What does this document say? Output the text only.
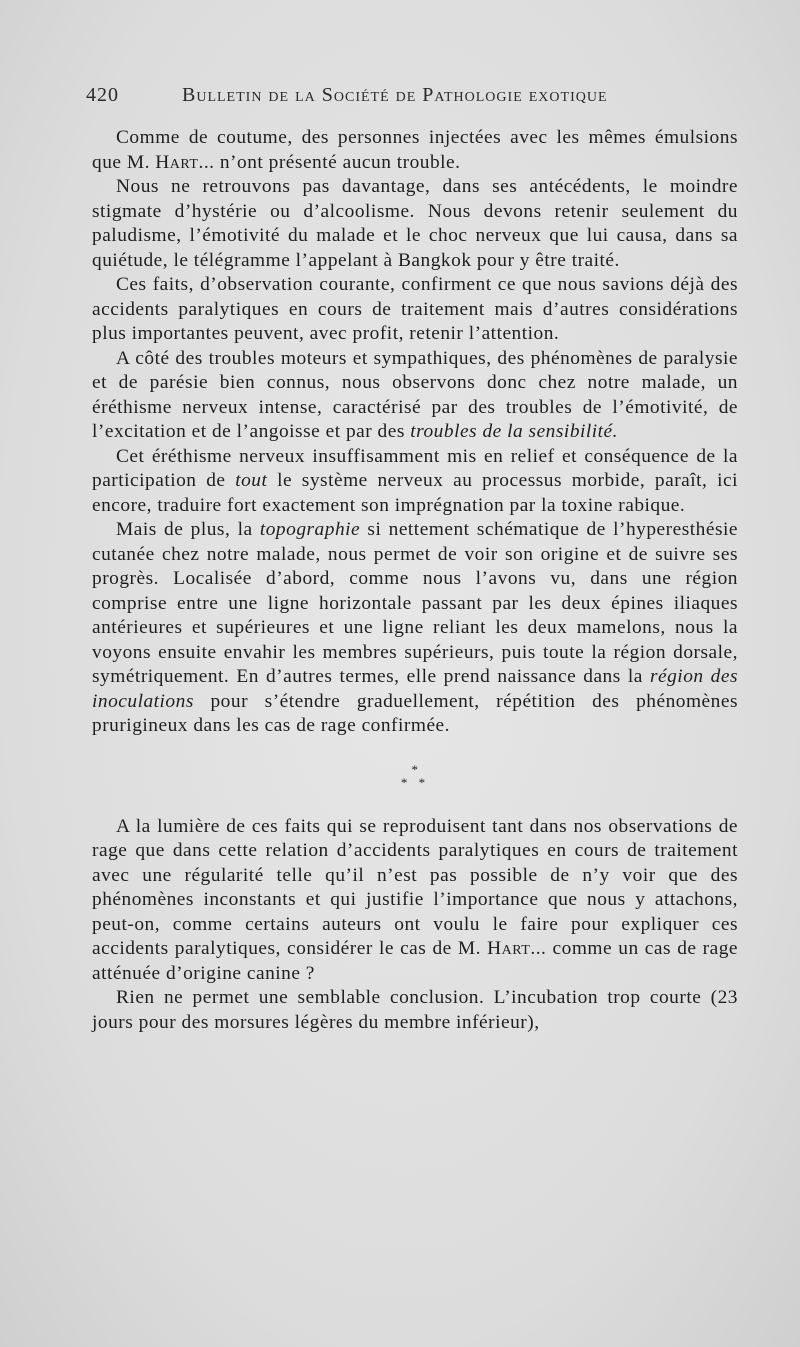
420	Bulletin de la Société de Pathologie exotique

Comme de coutume, des personnes injectées avec les mêmes émulsions que M. Hart... n’ont présenté aucun trouble.

Nous ne retrouvons pas davantage, dans ses antécédents, le moindre stigmate d’hystérie ou d’alcoolisme. Nous devons retenir seulement du paludisme, l’émotivité du malade et le choc nerveux que lui causa, dans sa quiétude, le télégramme l’appelant à Bangkok pour y être traité.

Ces faits, d’observation courante, confirment ce que nous savions déjà des accidents paralytiques en cours de traitement mais d’autres considérations plus importantes peuvent, avec profit, retenir l’attention.

A côté des troubles moteurs et sympathiques, des phénomènes de paralysie et de parésie bien connus, nous observons donc chez notre malade, un éréthisme nerveux intense, caractérisé par des troubles de l’émotivité, de l’excitation et de l’angoisse et par des troubles de la sensibilité.

Cet éréthisme nerveux insuffisamment mis en relief et conséquence de la participation de tout le système nerveux au processus morbide, paraît, ici encore, traduire fort exactement son imprégnation par la toxine rabique.

Mais de plus, la topographie si nettement schématique de l’hyperesthésie cutanée chez notre malade, nous permet de voir son origine et de suivre ses progrès. Localisée d’abord, comme nous l’avons vu, dans une région comprise entre une ligne horizontale passant par les deux épines iliaques antérieures et supérieures et une ligne reliant les deux mamelons, nous la voyons ensuite envahir les membres supérieurs, puis toute la région dorsale, symétriquement. En d’autres termes, elle prend naissance dans la région des inoculations pour s’étendre graduellement, répétition des phénomènes prurigineux dans les cas de rage confirmée.

*
* *

A la lumière de ces faits qui se reproduisent tant dans nos observations de rage que dans cette relation d’accidents paralytiques en cours de traitement avec une régularité telle qu’il n’est pas possible de n’y voir que des phénomènes inconstants et qui justifie l’importance que nous y attachons, peut-on, comme certains auteurs ont voulu le faire pour expliquer ces accidents paralytiques, considérer le cas de M. Hart... comme un cas de rage atténuée d’origine canine ?

Rien ne permet une semblable conclusion. L’incubation trop courte (23 jours pour des morsures légères du membre inférieur),
